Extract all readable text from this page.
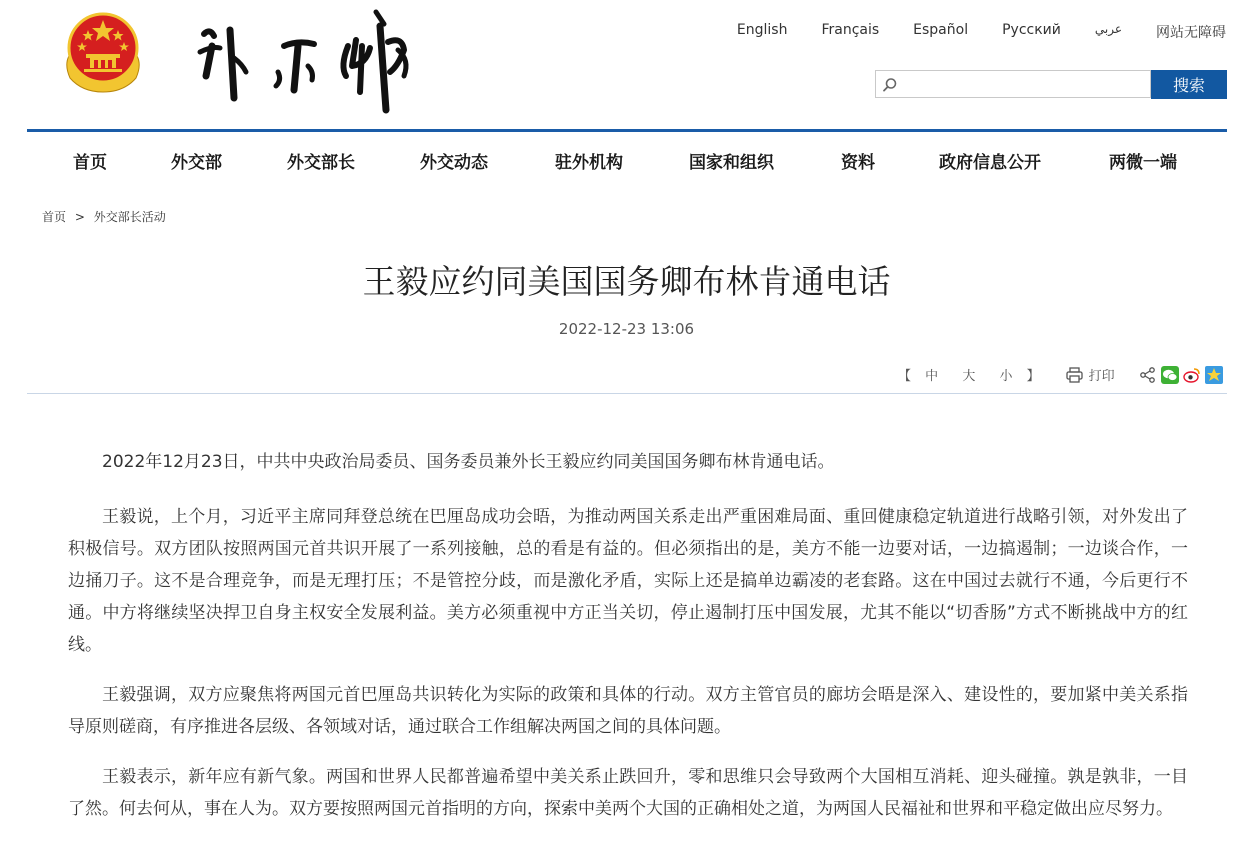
English Français Español Русский	عربي 网站无障碍
搜索
首页	外交部	外交部长	外交动态	驻外机构	国家和组织	资料	政府信息公开	两微一端
首页 > 外交部长活动
王毅应约同美国国务卿布林肯通电话
2022-12-23 13:06
【 中 大 小 】	打印

2022年12月23日，中共中央政治局委员、国务委员兼外长王毅应约同美国国务卿布林肯通电话。

王毅说，上个月，习近平主席同拜登总统在巴厘岛成功会晤，为推动两国关系走出严重困难局面、重回健康稳定轨道进行战略引领，对外发出了积极信号。双方团队按照两国元首共识开展了一系列接触，总的看是有益的。但必须指出的是，美方不能一边要对话，一边搞遏制；一边谈合作，一边捅刀子。这不是合理竞争，而是无理打压；不是管控分歧，而是激化矛盾，实际上还是搞单边霸凌的老套路。这在中国过去就行不通，今后更行不通。中方将继续坚决捍卫自身主权安全发展利益。美方必须重视中方正当关切，停止遏制打压中国发展，尤其不能以“切香肠”方式不断挑战中方的红线。

王毅强调，双方应聚焦将两国元首巴厘岛共识转化为实际的政策和具体的行动。双方主管官员的廊坊会晤是深入、建设性的，要加紧中美关系指导原则磋商，有序推进各层级、各领域对话，通过联合工作组解决两国之间的具体问题。

王毅表示，新年应有新气象。两国和世界人民都普遍希望中美关系止跌回升，零和思维只会导致两个大国相互消耗、迎头碰撞。孰是孰非，一目了然。何去何从，事在人为。双方要按照两国元首指明的方向，探索中美两个大国的正确相处之道，为两国人民福祉和世界和平稳定做出应尽努力。
